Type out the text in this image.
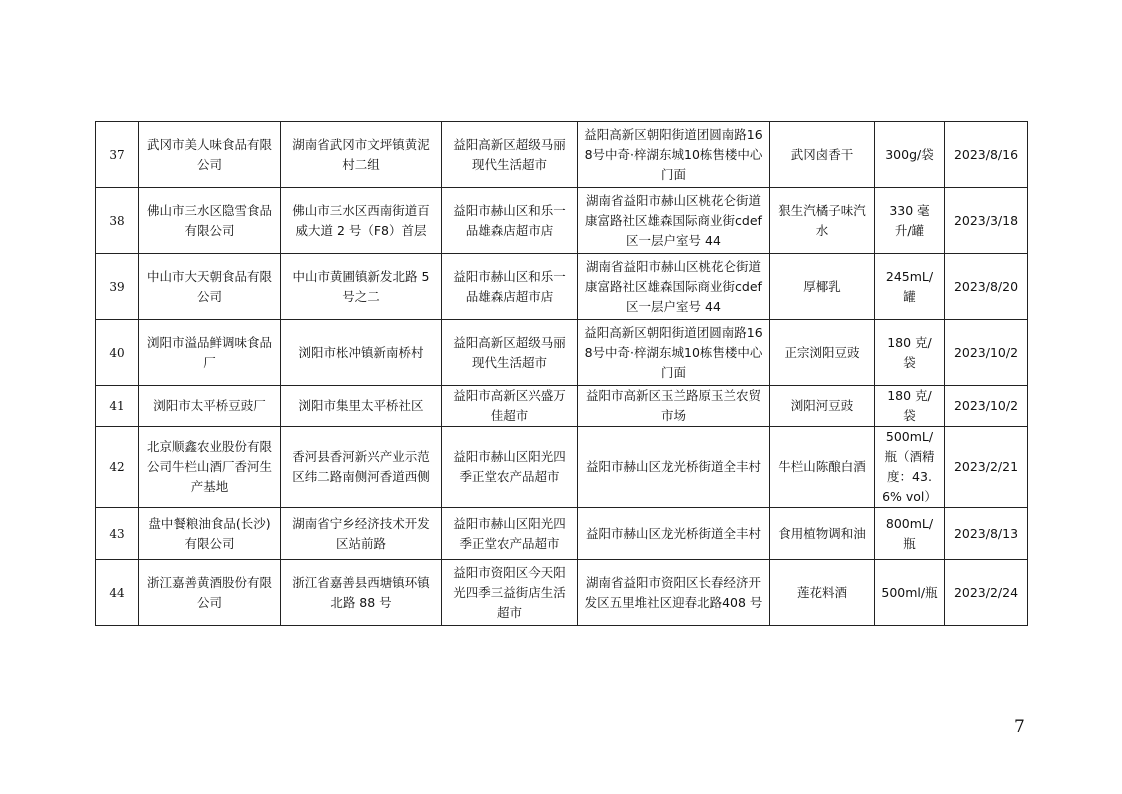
37	武冈市美人味食品有限公司	湖南省武冈市文坪镇黄泥村二组	益阳高新区超级马丽现代生活超市	益阳高新区朝阳街道团圆南路168号中奇·梓湖东城10栋售楼中心门面	武冈卤香干	300g/袋	2023/8/16
38	佛山市三水区隐雪食品有限公司	佛山市三水区西南街道百威大道 2 号（F8）首层	益阳市赫山区和乐一品雄森店超市店	湖南省益阳市赫山区桃花仑街道康富路社区雄森国际商业街cdef 区一层户室号 44	狠生汽橘子味汽水	330 毫升/罐	2023/3/18
39	中山市大天朝食品有限公司	中山市黄圃镇新发北路 5 号之二	益阳市赫山区和乐一品雄森店超市店	湖南省益阳市赫山区桃花仑街道康富路社区雄森国际商业街cdef 区一层户室号 44	厚椰乳	245mL/罐	2023/8/20
40	浏阳市溢品鲜调味食品厂	浏阳市枨冲镇新南桥村	益阳高新区超级马丽现代生活超市	益阳高新区朝阳街道团圆南路168号中奇·梓湖东城10栋售楼中心门面	正宗浏阳豆豉	180 克/袋	2023/10/2
41	浏阳市太平桥豆豉厂	浏阳市集里太平桥社区	益阳市高新区兴盛万佳超市	益阳市高新区玉兰路原玉兰农贸市场	浏阳河豆豉	180 克/袋	2023/10/2
42	北京顺鑫农业股份有限公司牛栏山酒厂香河生产基地	香河县香河新兴产业示范区纬二路南侧河香道西侧	益阳市赫山区阳光四季正堂农产品超市	益阳市赫山区龙光桥街道全丰村	牛栏山陈酿白酒	500mL/瓶（酒精度：43.6% vol）	2023/2/21
43	盘中餐粮油食品(长沙)有限公司	湖南省宁乡经济技术开发区站前路	益阳市赫山区阳光四季正堂农产品超市	益阳市赫山区龙光桥街道全丰村	食用植物调和油	800mL/瓶	2023/8/13
44	浙江嘉善黄酒股份有限公司	浙江省嘉善县西塘镇环镇北路 88 号	益阳市资阳区今天阳光四季三益街店生活超市	湖南省益阳市资阳区长春经济开发区五里堆社区迎春北路408 号	莲花料酒	500ml/瓶	2023/2/24
7
